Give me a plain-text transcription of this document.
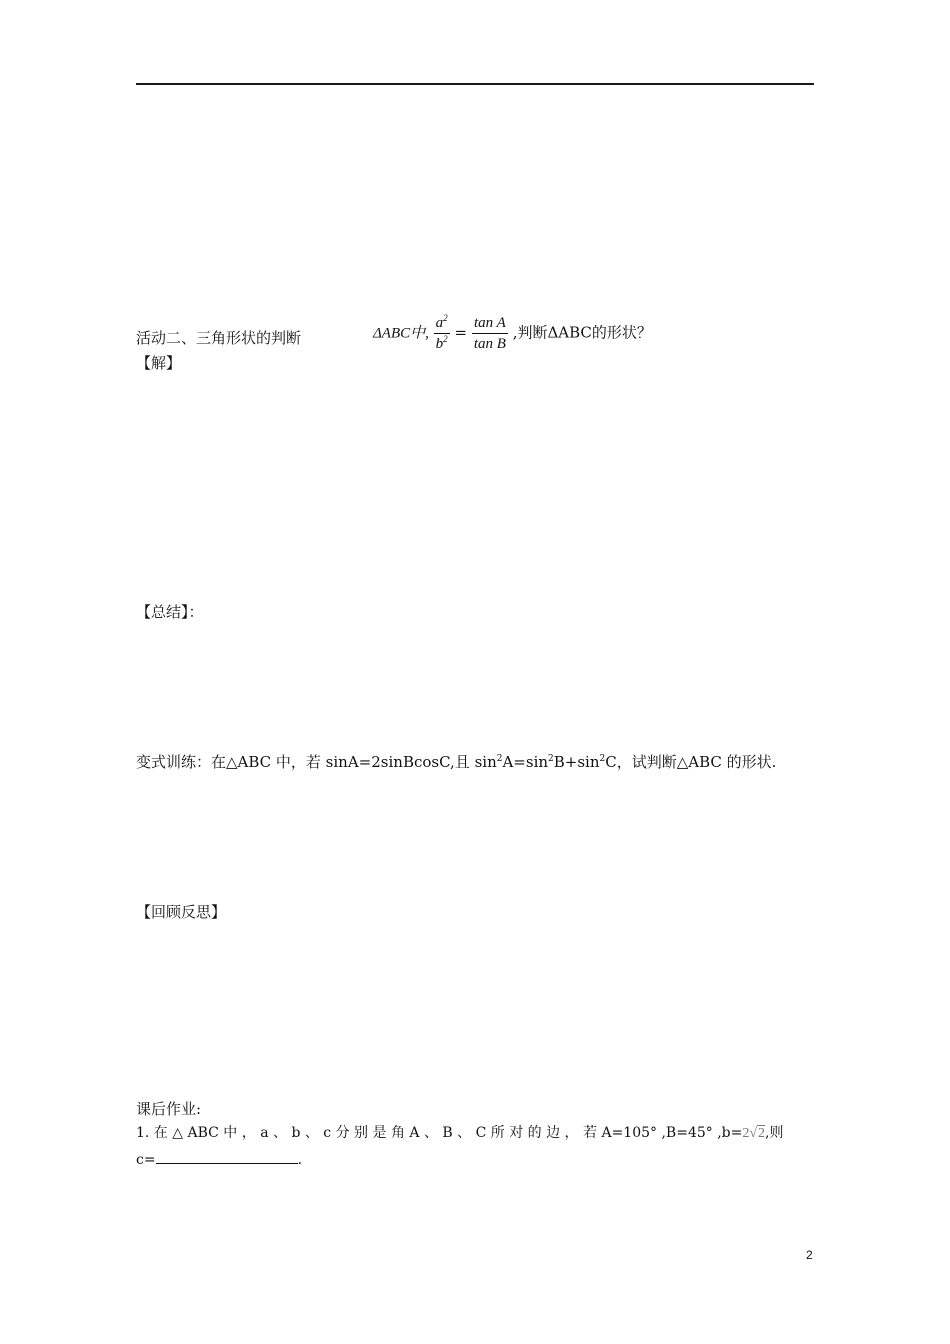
活动二、三角形状的判断	ΔABC中, $\frac{a^2}{b^2} = \frac{\text{tan A}}{\text{tan B}}$ ,判断ΔABC的形状？
【解】
【总结】：
变式训练：在△ABC 中，若 sinA=2sinBcosC,且 $\sin^2A=\sin^2B+\sin^2C$，试判断△ABC 的形状.
【回顾反思】
课后作业:
1. 在 △ ABC 中 ， a 、 b 、 c 分 别 是 角 A 、 B 、 C 所 对 的 边 ， 若 A=105° ,B=45° ,b=2√2,则
c=	.
2
